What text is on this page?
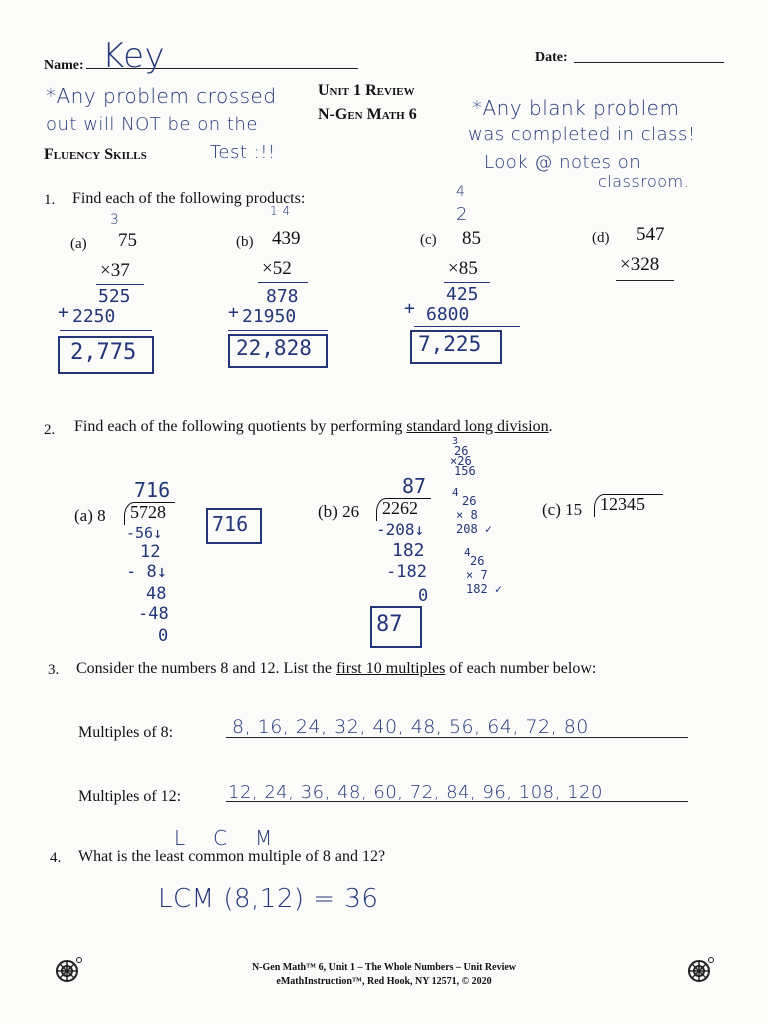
Name: Key	Date:
Unit 1 Review
N-Gen Math 6
Fluency Skills
*Any problem crossed
out will NOT be on the
Test :!!
*Any blank problem
was completed in class!
Look @ notes on
classroom.
1. Find each of the following products:
(a)
3
75
×37
525
+ 2250
2,775
(b)
1 4
439
×52
878
+ 21950
22,828
(c)
4
2
85
×85
425
+ 6800
7,225
(d) 547
×328
2. Find each of the following quotients by performing standard long division.
(a) 8 5728
716
-56↓
12
- 8↓
48
-48
0
716
(b) 26 2262
87
-208↓
182
-182
0
87
3
26
×26
156
4
26
× 8
208 ✓
4
26
× 7
182 ✓
(c) 15 12345
3. Consider the numbers 8 and 12. List the first 10 multiples of each number below:
Multiples of 8:	8, 16, 24, 32, 40, 48, 56, 64, 72, 80
Multiples of 12:	12, 24, 36, 48, 60, 72, 84, 96, 108, 120
L    C    M
4. What is the least common multiple of 8 and 12?
LCM (8,12) = 36
N-Gen Math™ 6, Unit 1 – The Whole Numbers – Unit Review
eMathInstruction™, Red Hook, NY 12571, © 2020
